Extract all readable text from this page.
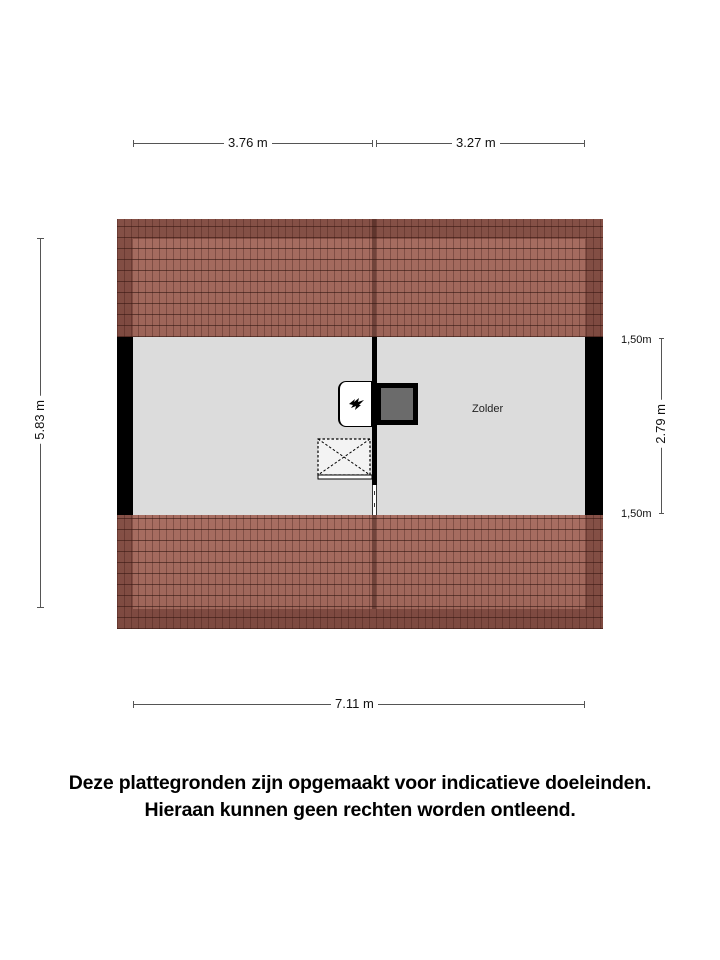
3.76 m	3.27 m
5.83 m	Zolder
1,50m
1,50m
2.79 m
7.11 m
Deze plattegronden zijn opgemaakt voor indicatieve doeleinden.
Hieraan kunnen geen rechten worden ontleend.
